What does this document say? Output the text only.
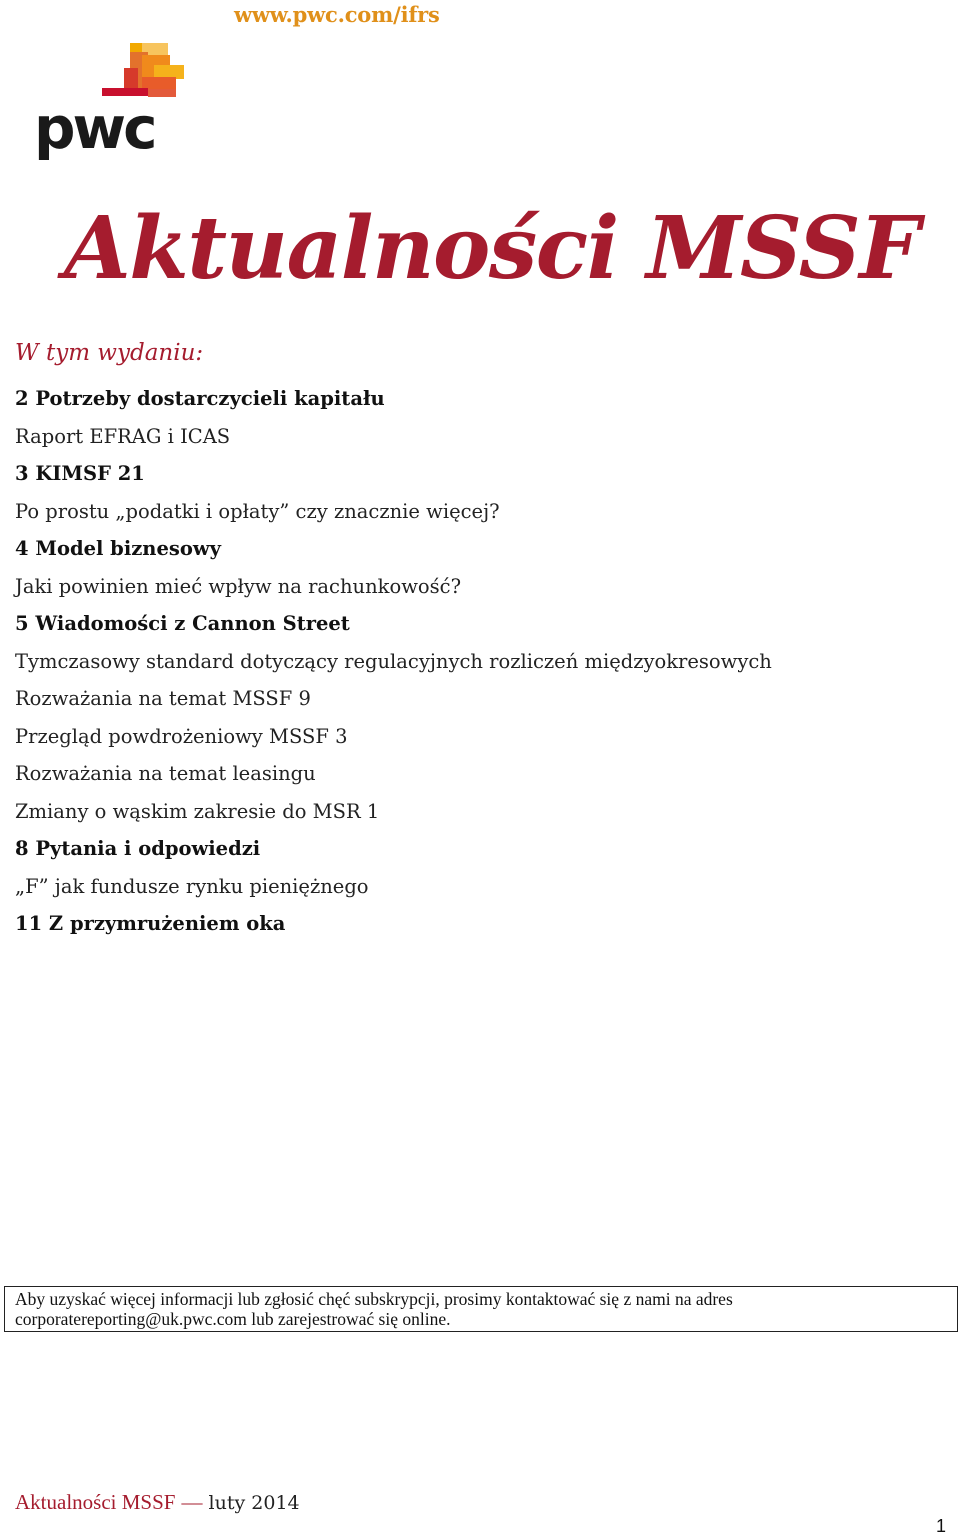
www.pwc.com/ifrs
pwc
Aktualności MSSF
W tym wydaniu:
2 Potrzeby dostarczycieli kapitału
Raport EFRAG i ICAS
3 KIMSF 21
Po prostu „podatki i opłaty” czy znacznie więcej?
4 Model biznesowy
Jaki powinien mieć wpływ na rachunkowość?
5 Wiadomości z Cannon Street
Tymczasowy standard dotyczący regulacyjnych rozliczeń międzyokresowych
Rozważania na temat MSSF 9
Przegląd powdrożeniowy MSSF 3
Rozważania na temat leasingu
Zmiany o wąskim zakresie do MSR 1
8 Pytania i odpowiedzi
„F” jak fundusze rynku pieniężnego
11 Z przymrużeniem oka
Aby uzyskać więcej informacji lub zgłosić chęć subskrypcji, prosimy kontaktować się z nami na adres corporatereporting@uk.pwc.com lub zarejestrować się online.
Aktualności MSSF — luty 2014
1
